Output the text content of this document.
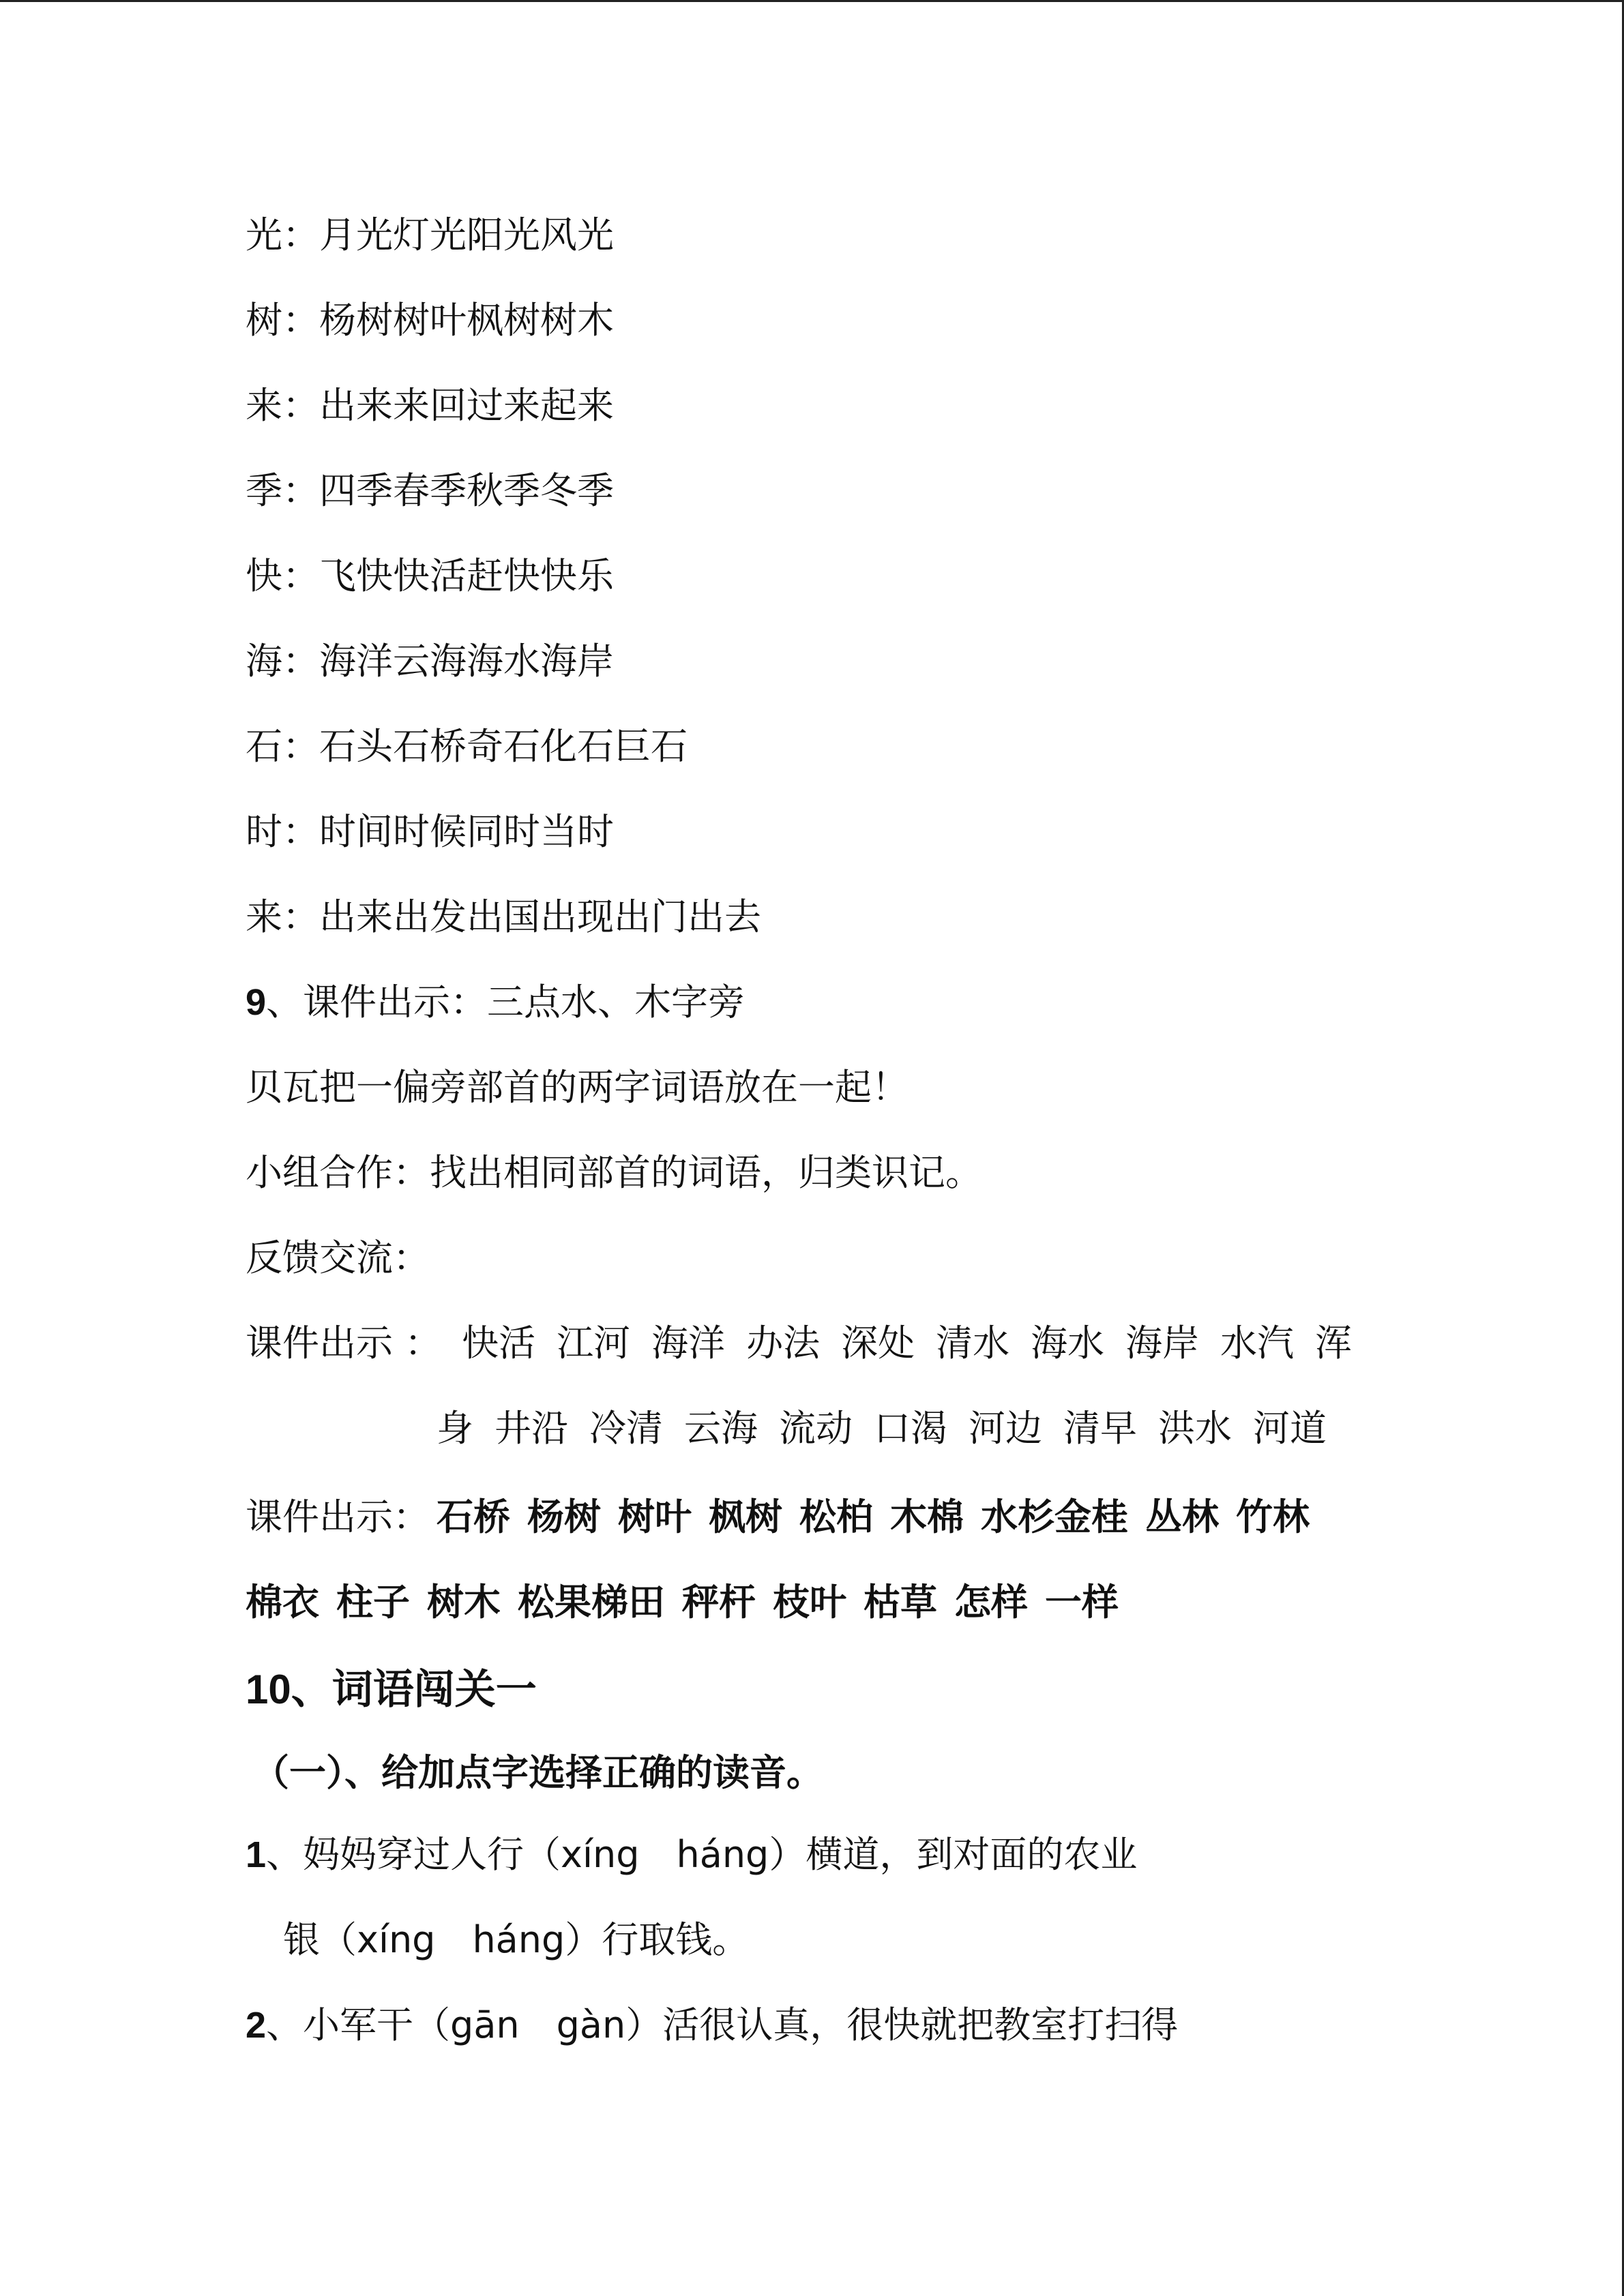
光：月光灯光阳光风光
树：杨树树叶枫树树木
来：出来来回过来起来
季：四季春季秋季冬季
快：飞快快活赶快快乐
海：海洋云海海水海岸
石：石头石桥奇石化石巨石
时：时间时候同时当时
来：出来出发出国出现出门出去
9、课件出示：三点水、木字旁
贝瓦把一偏旁部首的两字词语放在一起！
小组合作：找出相同部首的词语，归类识记。
反馈交流：
课件出示 ： 快活 江河 海洋 办法 深处 清水 海水 海岸 水汽 浑
身 井沿 冷清 云海 流动 口渴 河边 清早 洪水 河道
课件出示： 石桥 杨树 树叶 枫树 松柏 木棉 水杉金桂 丛林 竹林
棉衣 柱子 树木 松果梯田 秤杆 枝叶 枯草 怎样 一样
10、词语闯关一
（一）、给加点字选择正确的读音。
1、妈妈穿过人行（xíng　háng）横道，到对面的农业
银（xíng　háng）行取钱。
2、小军干（gān　gàn）活很认真，很快就把教室打扫得
